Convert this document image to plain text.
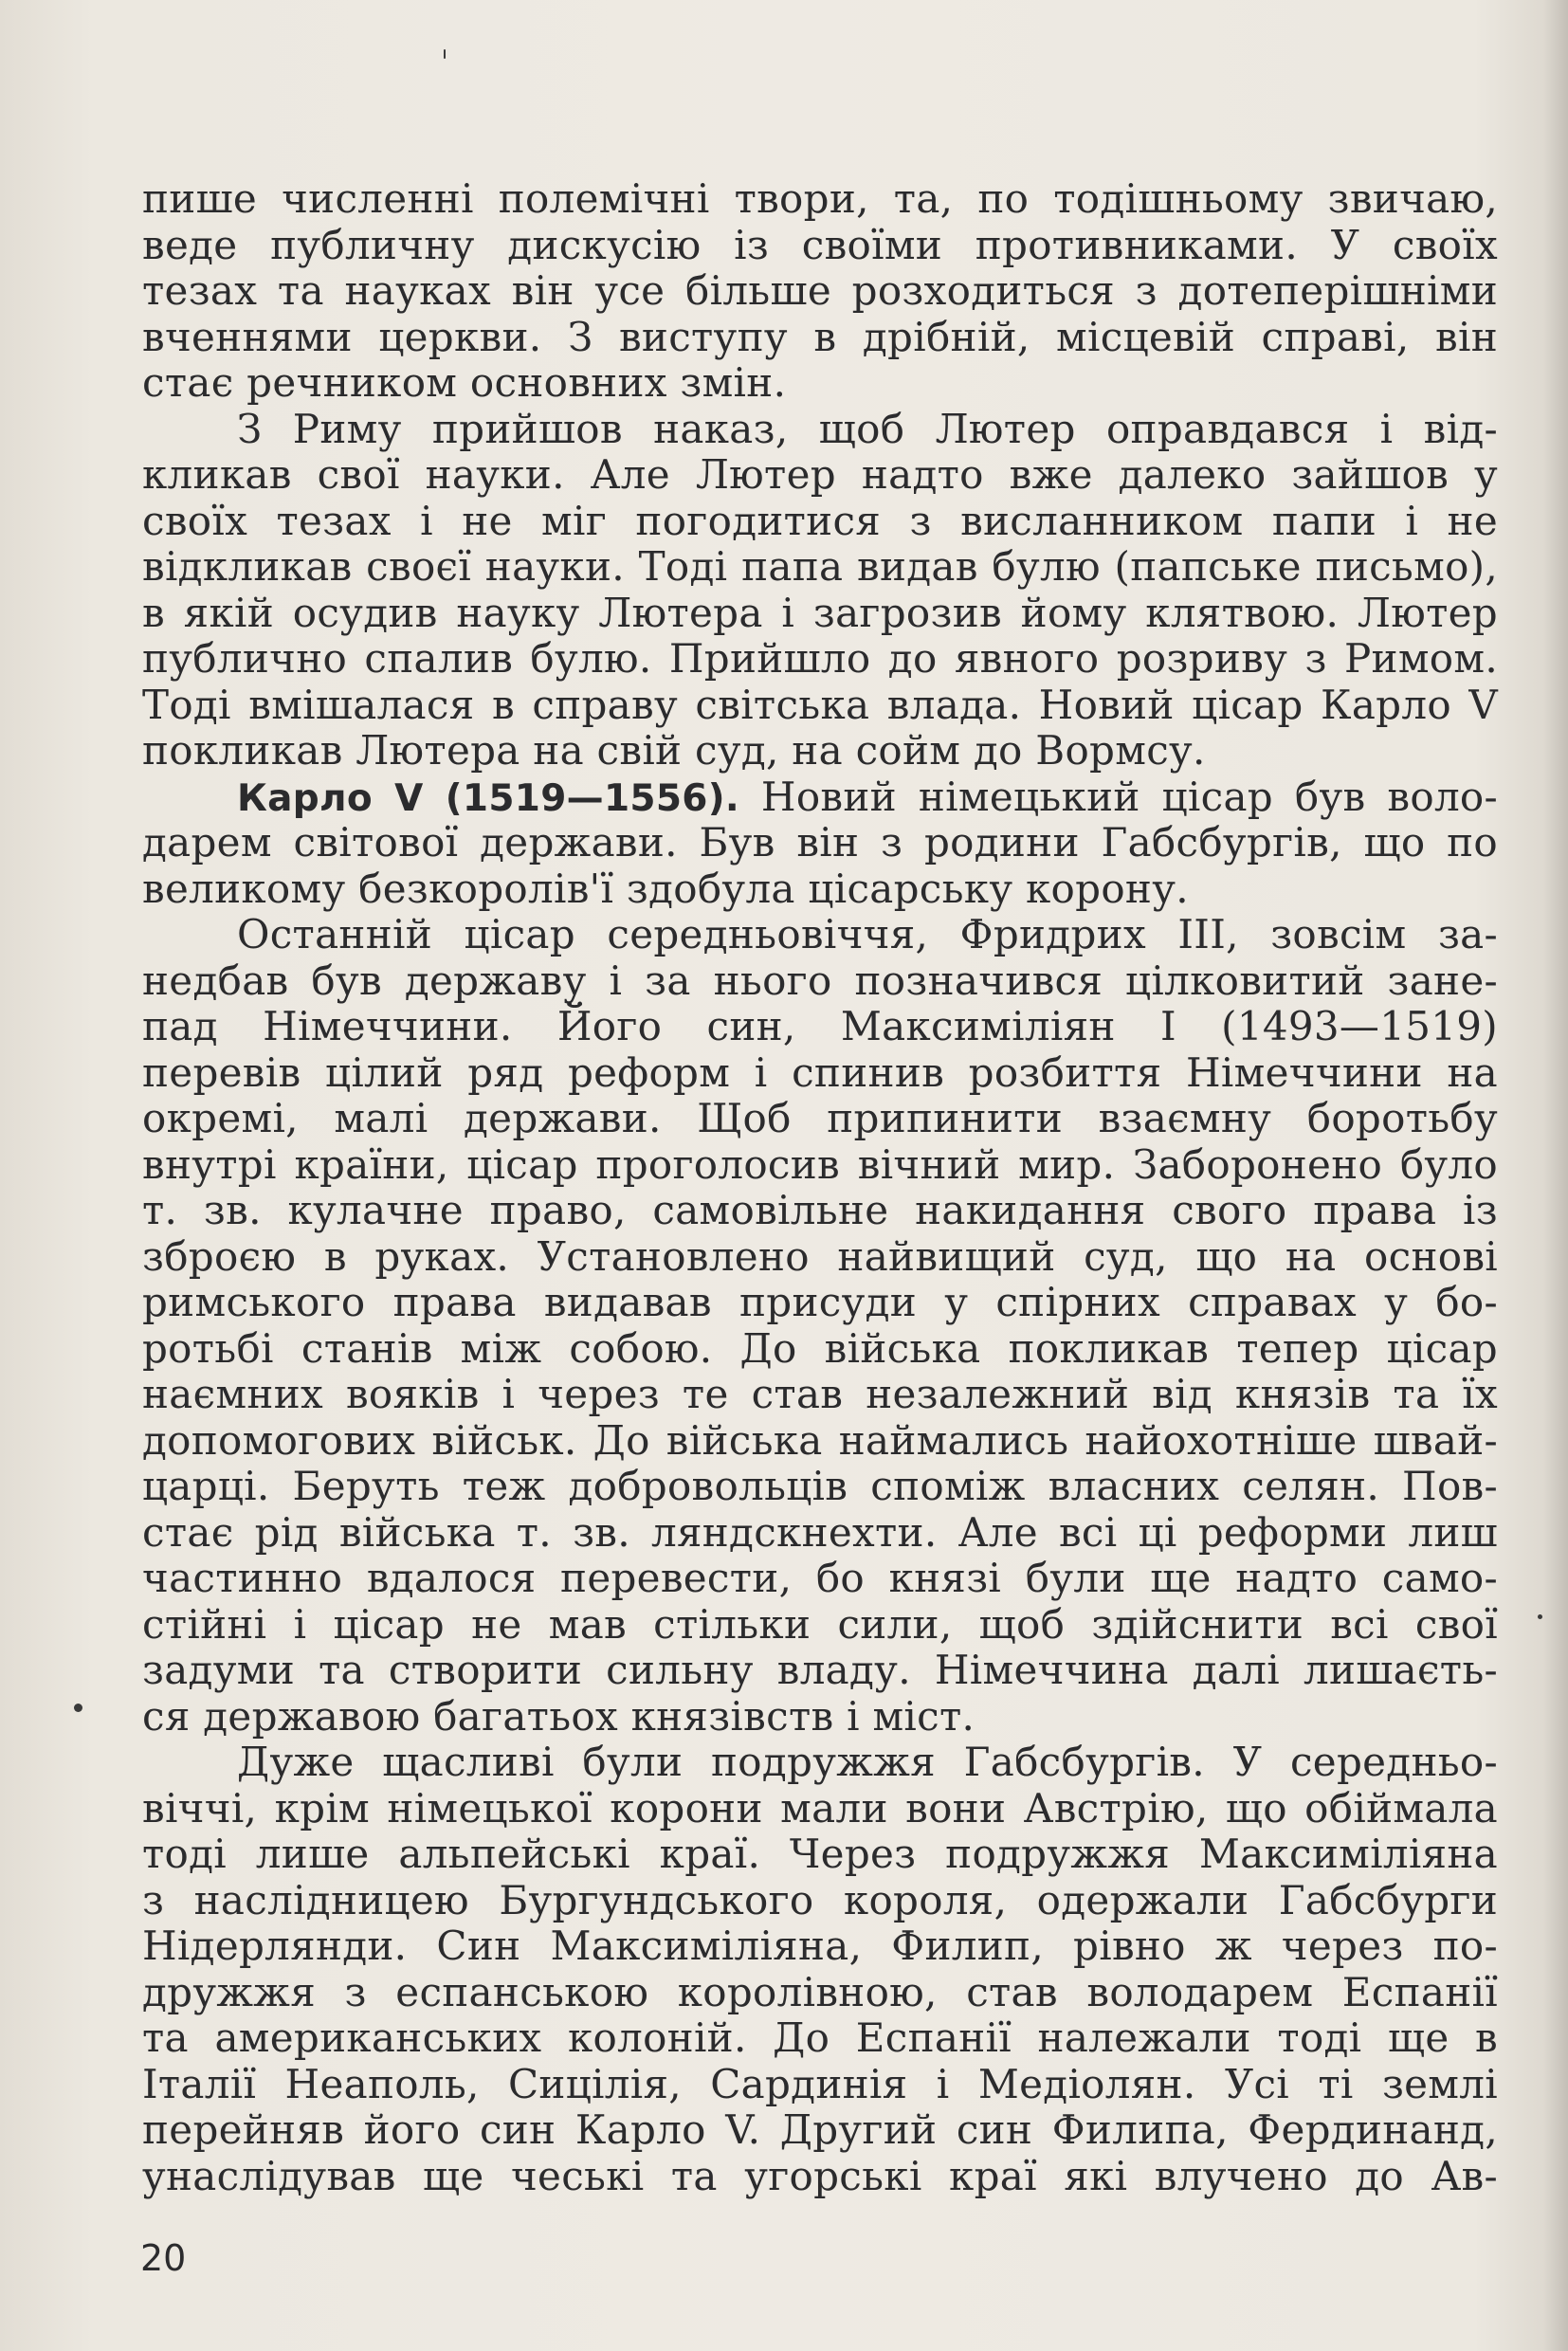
пише численні полемічні твори, та, по тодішньому звичаю,
веде публичну дискусію із своїми противниками. У своїх
тезах та науках він усе більше розходиться з дотеперішніми
вченнями церкви. З виступу в дрібній, місцевій справі, він
стає речником основних змін.
З Риму прийшов наказ, щоб Лютер оправдався і від-
кликав свої науки. Але Лютер надто вже далеко зайшов у
своїх тезах і не міг погодитися з висланником папи і не
відкликав своєї науки. Тоді папа видав булю (папське письмо),
в якій осудив науку Лютера і загрозив йому клятвою. Лютер
публично спалив булю. Прийшло до явного розриву з Римом.
Тоді вмішалася в справу світська влада. Новий цісар Карло V
покликав Лютера на свій суд, на сойм до Вормсу.
Карло V (1519—1556). Новий німецький цісар був воло-
дарем світової держави. Був він з родини Габсбургів, що по
великому безкоролів'ї здобула цісарську корону.
Останній цісар середньовіччя, Фридрих III, зовсім за-
недбав був державу і за нього позначився цілковитий зане-
пад Німеччини. Його син, Максиміліян I (1493—1519)
перевів цілий ряд реформ і спинив розбиття Німеччини на
окремі, малі держави. Щоб припинити взаємну боротьбу
внутрі країни, цісар проголосив вічний мир. Заборонено було
т. зв. кулачне право, самовільне накидання свого права із
зброєю в руках. Установлено найвищий суд, що на основі
римського права видавав присуди у спірних справах у бо-
ротьбі станів між собою. До війська покликав тепер цісар
наємних вояків і через те став незалежний від князів та їх
допомогових військ. До війська наймались найохотніше швай-
царці. Беруть теж добровольців споміж власних селян. Пов-
стає рід війська т. зв. ляндскнехти. Але всі ці реформи лиш
частинно вдалося перевести, бо князі були ще надто само-
стійні і цісар не мав стільки сили, щоб здійснити всі свої
задуми та створити сильну владу. Німеччина далі лишаєть-
ся державою багатьох князівств і міст.
Дуже щасливі були подружжя Габсбургів. У середньо-
віччі, крім німецької корони мали вони Австрію, що обіймала
тоді лише альпейські краї. Через подружжя Максиміліяна
з наслідницею Бургундського короля, одержали Габсбурги
Нідерлянди. Син Максиміліяна, Филип, рівно ж через по-
дружжя з еспанською королівною, став володарем Еспанії
та американських колоній. До Еспанії належали тоді ще в
Італії Неаполь, Сицілія, Сардинія і Медіолян. Усі ті землі
перейняв його син Карло V. Другий син Филипа, Фердинанд,
унаслідував ще чеські та угорські краї які влучено до Ав-
20
